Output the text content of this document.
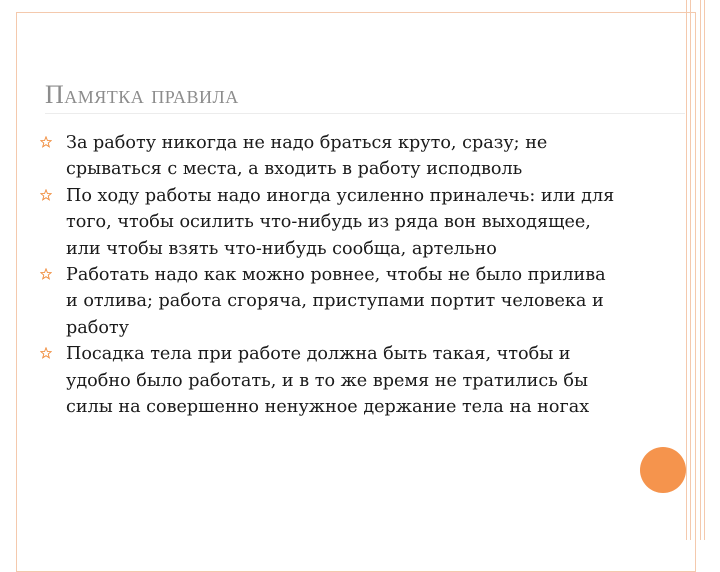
Памятка правила
За работу никогда не надо браться круто, сразу; не срываться с места, а входить в работу исподволь
По ходу работы надо иногда усиленно приналечь: или для того, чтобы осилить что-нибудь из ряда вон выходящее, или чтобы взять что-нибудь сообща, артельно
Работать надо как можно ровнее, чтобы не было прилива и отлива; работа сгоряча, приступами портит человека и работу
Посадка тела при работе должна быть такая, чтобы и удобно было работать, и в то же время не тратились бы силы на совершенно ненужное держание тела на ногах
